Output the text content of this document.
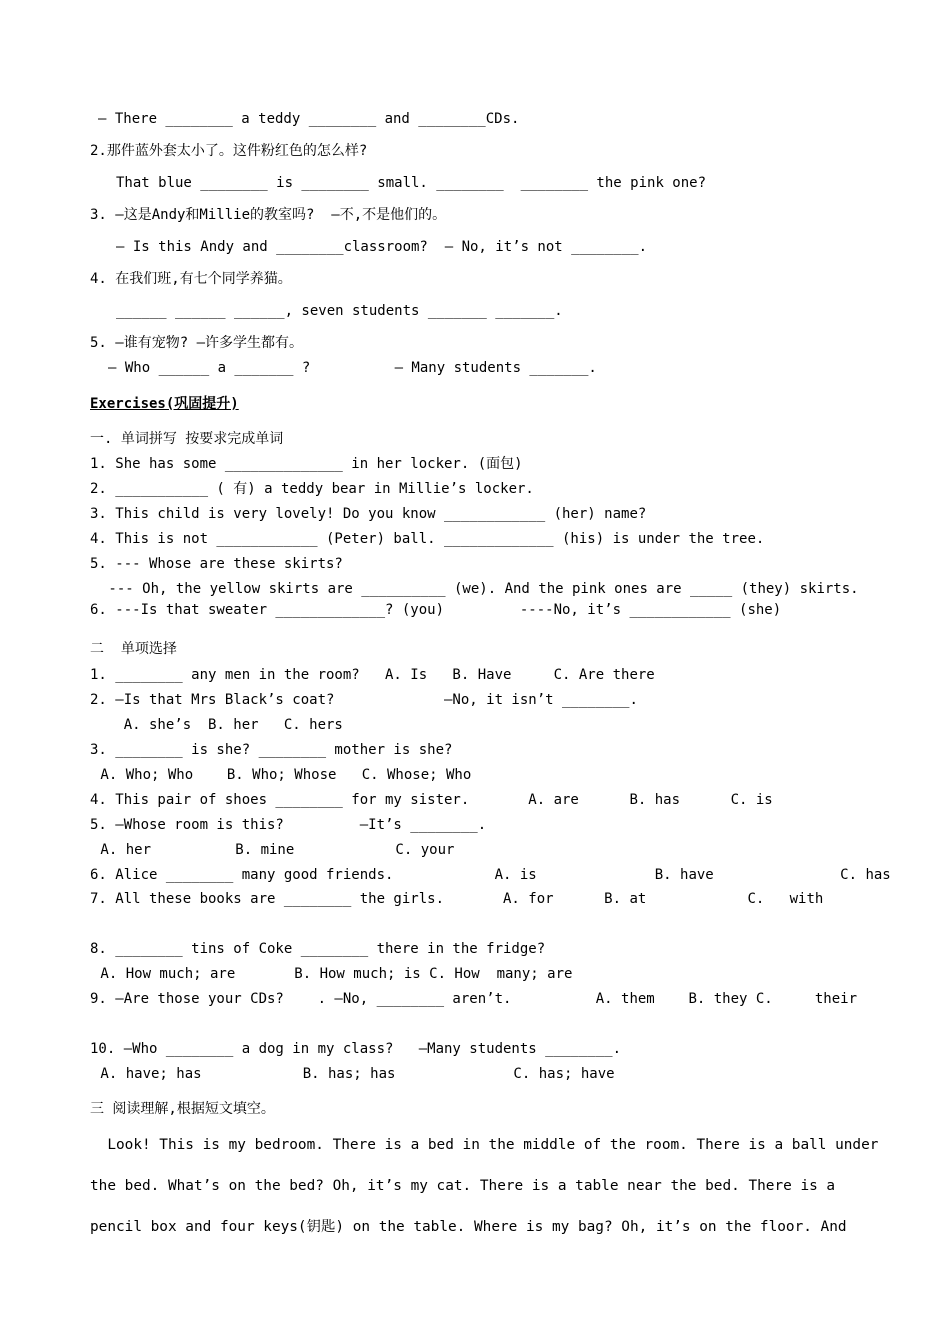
— There ________ a teddy ________ and ________CDs.
2.那件蓝外套太小了。这件粉红色的怎么样?
That blue ________ is ________ small. ________  ________ the pink one?
3. —这是Andy和Millie的教室吗?  —不,不是他们的。
— Is this Andy and ________classroom?  — No, it’s not ________.
4. 在我们班,有七个同学养猫。
______ ______ ______, seven students _______ _______.
5. —谁有宠物? —许多学生都有。
— Who ______ a _______ ?          — Many students _______.
Exercises(巩固提升)
一. 单词拼写 按要求完成单词
1. She has some ______________ in her locker. (面包)
2. ___________ ( 有) a teddy bear in Millie’s locker.
3. This child is very lovely! Do you know ____________ (her) name?
4. This is not ____________ (Peter) ball. _____________ (his) is under the tree.
5. --- Whose are these skirts?
--- Oh, the yellow skirts are __________ (we). And the pink ones are _____ (they) skirts.
6. ---Is that sweater _____________? (you)         ----No, it’s ____________ (she)
二  单项选择
1. ________ any men in the room?   A. Is   B. Have     C. Are there
2. —Is that Mrs Black’s coat?             —No, it isn’t ________.
A. she’s  B. her   C. hers
3. ________ is she? ________ mother is she?
A. Who; Who    B. Who; Whose   C. Whose; Who
4. This pair of shoes ________ for my sister.       A. are      B. has      C. is
5. —Whose room is this?         —It’s ________.
A. her          B. mine            C. your
6. Alice ________ many good friends.            A. is              B. have               C. has
7. All these books are ________ the girls.       A. for      B. at            C.   with
8. ________ tins of Coke ________ there in the fridge?
A. How much; are       B. How much; is C. How  many; are
9. —Are those your CDs?    . —No, ________ aren’t.          A. them    B. they C.     their
10. —Who ________ a dog in my class?   —Many students ________.
A. have; has            B. has; has              C. has; have
三 阅读理解,根据短文填空。
Look! This is my bedroom. There is a bed in the middle of the room. There is a ball under
the bed. What’s on the bed? Oh, it’s my cat. There is a table near the bed. There is a
pencil box and four keys(钥匙) on the table. Where is my bag? Oh, it’s on the floor. And
